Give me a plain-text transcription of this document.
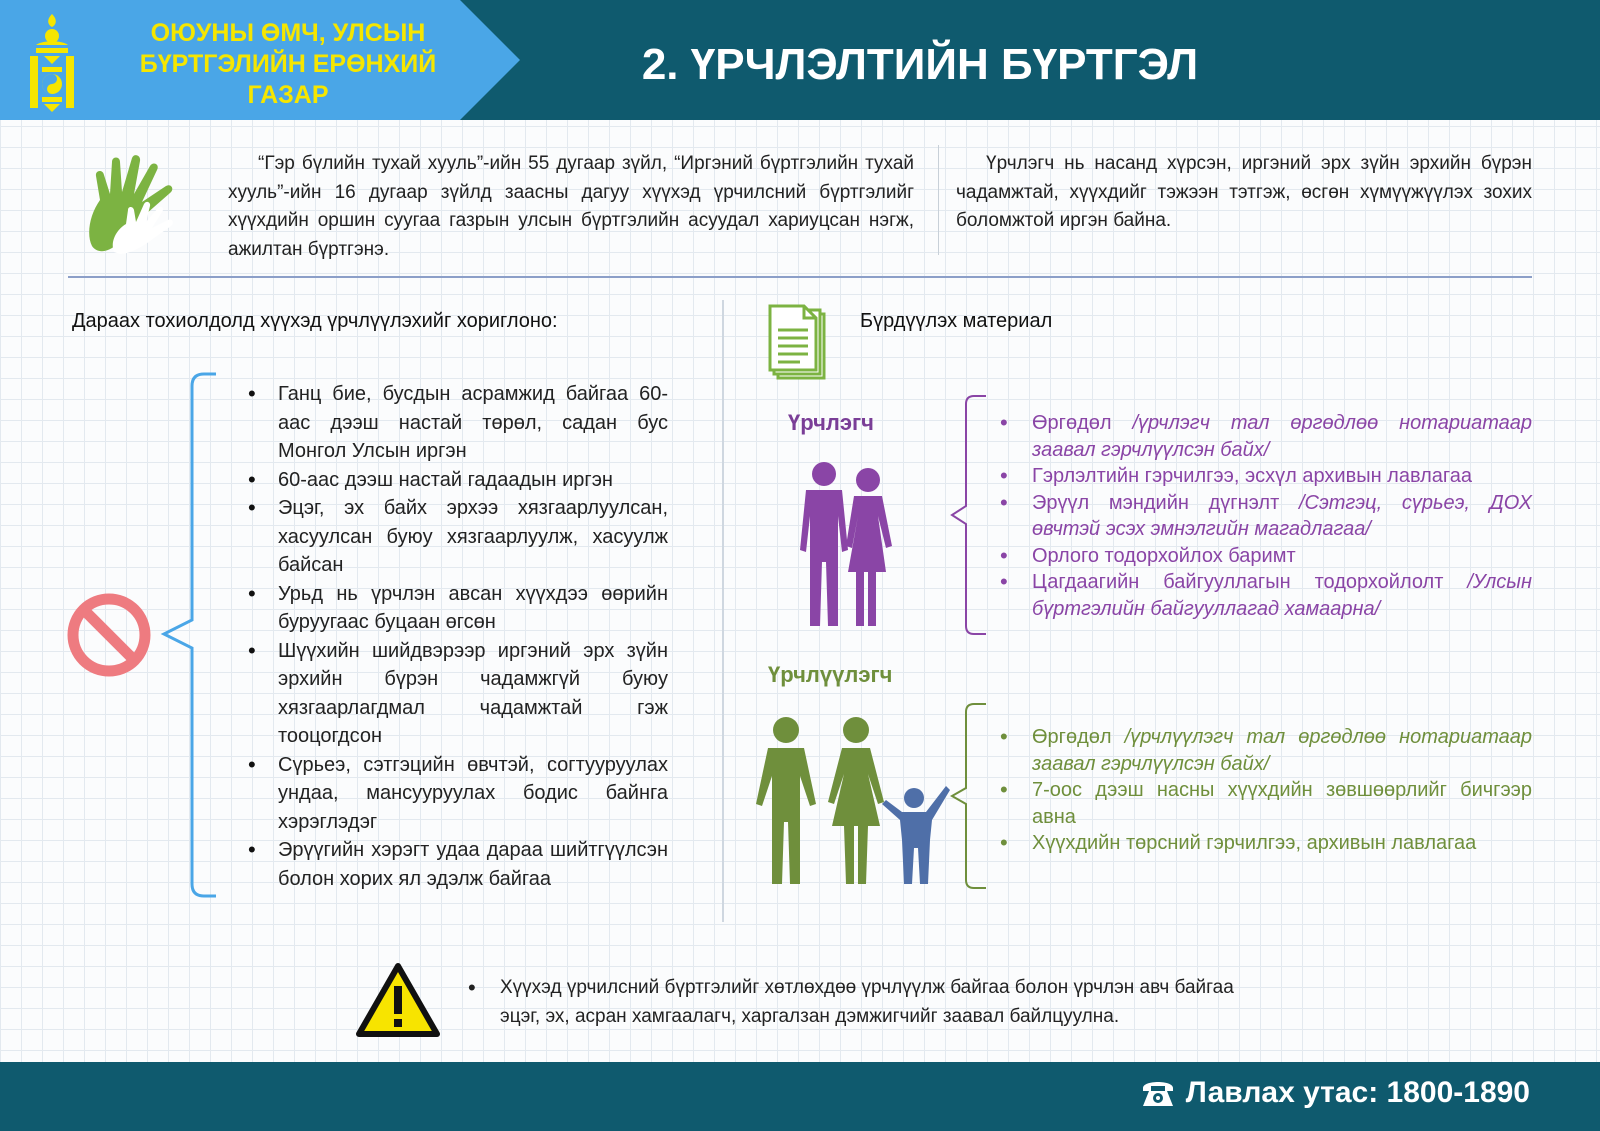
ОЮУНЫ ӨМЧ, УЛСЫН БҮРТГЭЛИЙН ЕРӨНХИЙ ГАЗАР
2. ҮРЧЛЭЛТИЙН БҮРТГЭЛ
“Гэр бүлийн тухай хууль”-ийн 55 дугаар зүйл, “Иргэний бүртгэлийн тухай хууль”-ийн 16 дугаар зүйлд заасны дагуу хүүхэд үрчилсний бүртгэлийг хүүхдийн оршин суугаа газрын улсын бүртгэлийн асуудал хариуцсан нэгж, ажилтан бүртгэнэ.
Үрчлэгч нь насанд хүрсэн, иргэний эрх зүйн эрхийн бүрэн чадамжтай, хүүхдийг тэжээн тэтгэж, өсгөн хүмүүжүүлэх зохих боломжтой иргэн байна.
Дараах тохиолдолд хүүхэд үрчлүүлэхийг хориглоно:
• Ганц бие, бусдын асрамжид байгаа 60-аас дээш настай төрөл, садан бус Монгол Улсын иргэн
• 60-аас дээш настай гадаадын иргэн
• Эцэг, эх байх эрхээ хязгаарлуулсан, хасуулсан буюу хязгаарлуулж, хасуулж байсан
• Урьд нь үрчлэн авсан хүүхдээ өөрийн буруугаас буцаан өгсөн
• Шүүхийн шийдвэрээр иргэний эрх зүйн эрхийн бүрэн чадамжгүй буюу хязгаарлагдмал чадамжтай гэж тооцогдсон
• Сүрьеэ, сэтгэцийн өвчтэй, согтууруулах ундаа, мансууруулах бодис байнга хэрэглэдэг
• Эрүүгийн хэрэгт удаа дараа шийтгүүлсэн болон хорих ял эдэлж байгаа
Бүрдүүлэх материал
Үрчлэгч
•	Өргөдөл /үрчлэгч тал өргөдлөө нотариатаар заавал гэрчлүүлсэн байх/
• Гэрлэлтийн гэрчилгээ, эсхүл архивын лавлагаа
• Эрүүл мэндийн дүгнэлт /Сэтгэц, сүрьеэ, ДОХ өвчтэй эсэх эмнэлгийн магадлагаа/
• Орлого тодорхойлох баримт
• Цагдаагийн байгууллагын тодорхойлолт /Улсын бүртгэлийн байгууллагад хамаарна/
Үрчлүүлэгч
• Өргөдөл /үрчлүүлэгч тал өргөдлөө нотариатаар заавал гэрчлүүлсэн байх/
• 7-оос дээш насны хүүхдийн зөвшөөрлийг бичгээр авна
• Хүүхдийн төрсний гэрчилгээ, архивын лавлагаа
• Хүүхэд үрчилсний бүртгэлийг хөтлөхдөө үрчлүүлж байгаа болон үрчлэн авч байгаа эцэг, эх, асран хамгаалагч, харгалзан дэмжигчийг заавал байлцуулна.
Лавлах утас: 1800-1890
